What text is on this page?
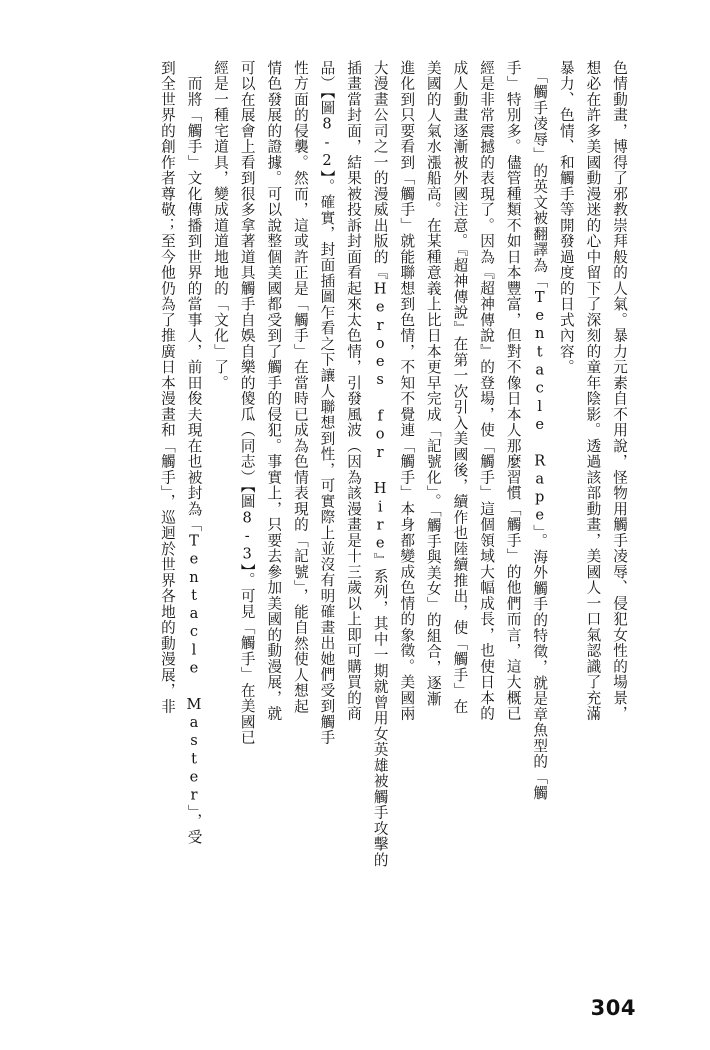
色情動畫，博得了邪教崇拜般的人氣。暴力元素自不用說，怪物用觸手凌辱、侵犯女性的場景，
想必在許多美國動漫迷的心中留下了深刻的童年陰影。透過該部動畫，美國人一口氣認識了充滿
暴力、色情、和觸手等開發過度的日式內容。
　「觸手凌辱」的英文被翻譯為「Tentacle Rape」。海外觸手的特徵，就是章魚型的「觸
手」特別多。儘管種類不如日本豐富，但對不像日本人那麼習慣「觸手」的他們而言，這大概已
經是非常震撼的表現了。因為『超神傳說』的登場，使「觸手」這個領域大幅成長，也使日本的
成人動畫逐漸被外國注意。『超神傳說』在第一次引入美國後，續作也陸續推出，使「觸手」在
美國的人氣水漲船高。在某種意義上比日本更早完成「記號化」。「觸手與美女」的組合，逐漸
進化到只要看到「觸手」就能聯想到色情，不知不覺連「觸手」本身都變成色情的象徵。美國兩
大漫畫公司之一的漫威出版的『Heroes for Hire』系列，其中一期就曾用女英雄被觸手攻擊的
插畫當封面，結果被投訴封面看起來太色情，引發風波（因為該漫畫是十三歲以上即可購買的商
品）【圖8-2】。確實，封面插圖乍看之下讓人聯想到性，可實際上並沒有明確畫出她們受到觸手
性方面的侵襲。然而，這或許正是「觸手」在當時已成為色情表現的「記號」，能自然使人想起
情色發展的證據。可以說整個美國都受到了觸手的侵犯。事實上，只要去參加美國的動漫展，就
可以在展會上看到很多拿著道具觸手自娛自樂的傻瓜（同志）【圖8-3】。可見「觸手」在美國已
經是一種宅道具，變成道道地地的「文化」了。
　而將「觸手」文化傳播到世界的當事人，前田俊夫現在也被封為「Tentacle Master」，受
到全世界的創作者尊敬；至今他仍為了推廣日本漫畫和「觸手」，巡迴於世界各地的動漫展，非
304
